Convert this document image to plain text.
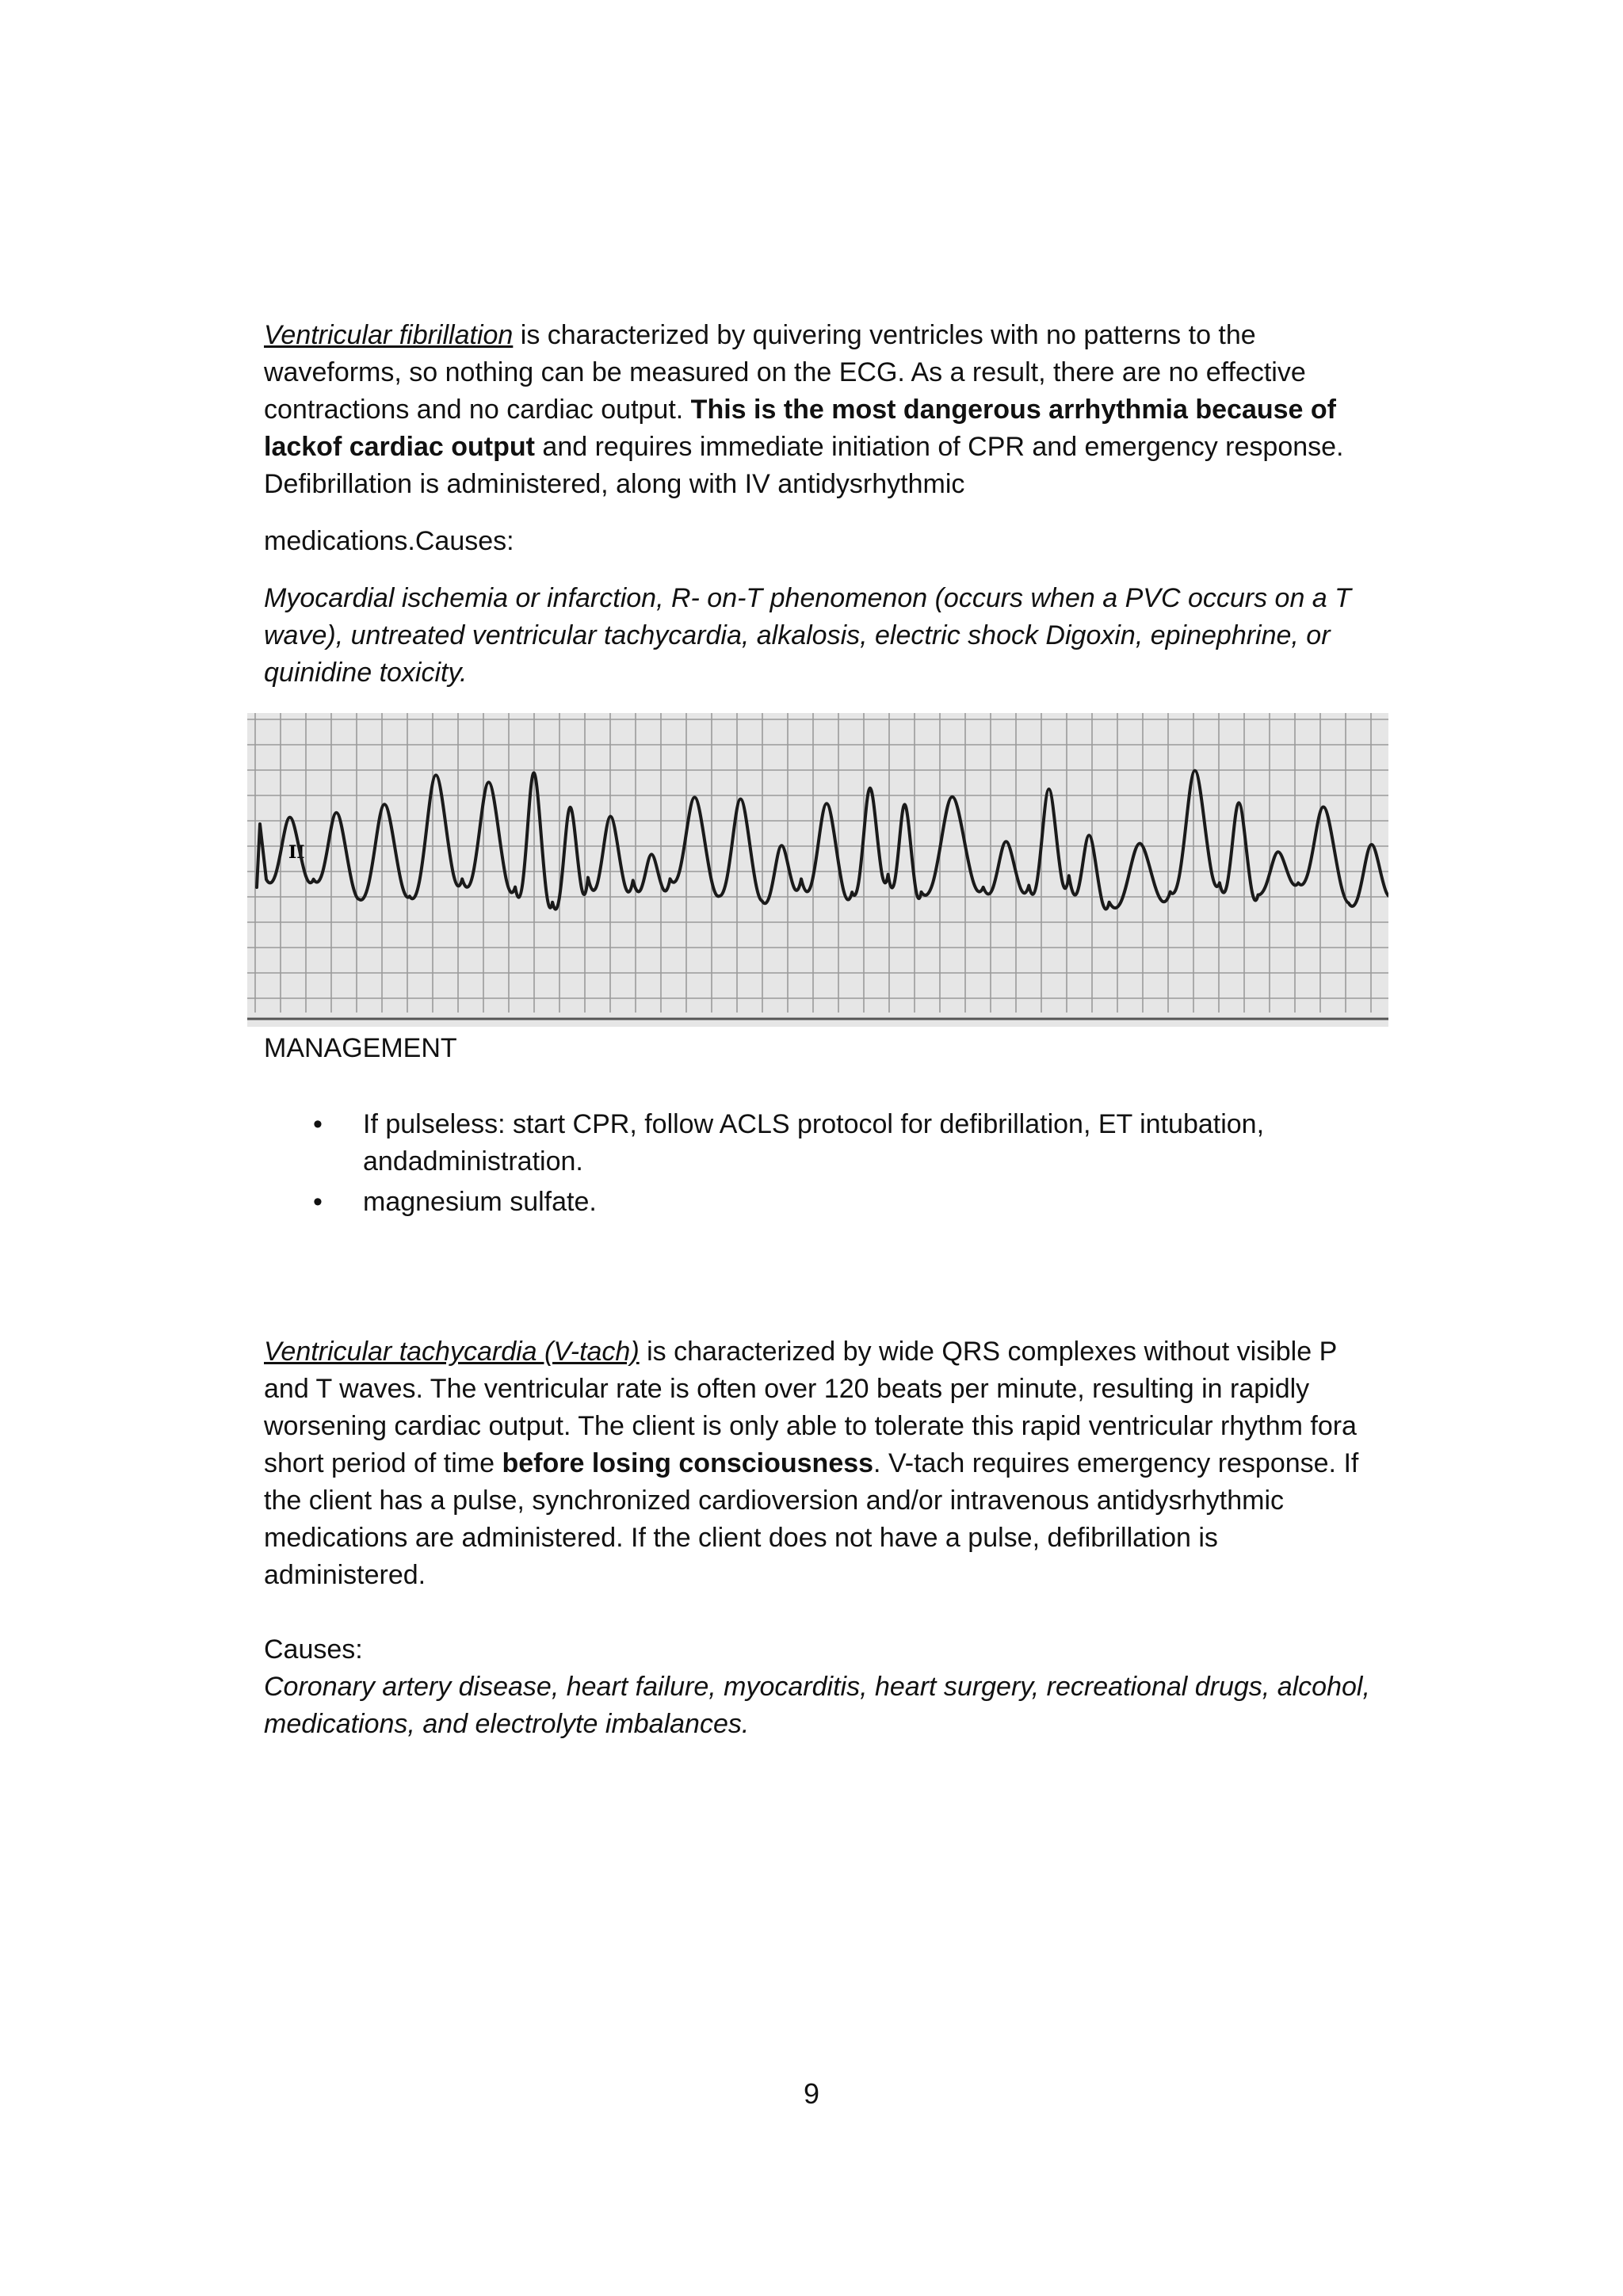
Ventricular fibrillation is characterized by quivering ventricles with no patterns to the waveforms, so nothing can be measured on the ECG. As a result, there are no effective contractions and no cardiac output. This is the most dangerous arrhythmia because of lackof cardiac output and requires immediate initiation of CPR and emergency response. Defibrillation is administered, along with IV antidysrhythmic

medications.Causes:

Myocardial ischemia or infarction, R- on-T phenomenon (occurs when a PVC occurs on a T wave), untreated ventricular tachycardia, alkalosis, electric shock Digoxin, epinephrine, or quinidine toxicity.

II
MANAGEMENT
• If pulseless: start CPR, follow ACLS protocol for defibrillation, ET intubation, andadministration.
• magnesium sulfate.

Ventricular tachycardia (V-tach) is characterized by wide QRS complexes without visible P and T waves. The ventricular rate is often over 120 beats per minute, resulting in rapidly worsening cardiac output. The client is only able to tolerate this rapid ventricular rhythm fora short period of time before losing consciousness. V-tach requires emergency response. If the client has a pulse, synchronized cardioversion and/or intravenous antidysrhythmic medications are administered. If the client does not have a pulse, defibrillation is administered.

Causes:

Coronary artery disease, heart failure, myocarditis, heart surgery, recreational drugs, alcohol, medications, and electrolyte imbalances.

9
